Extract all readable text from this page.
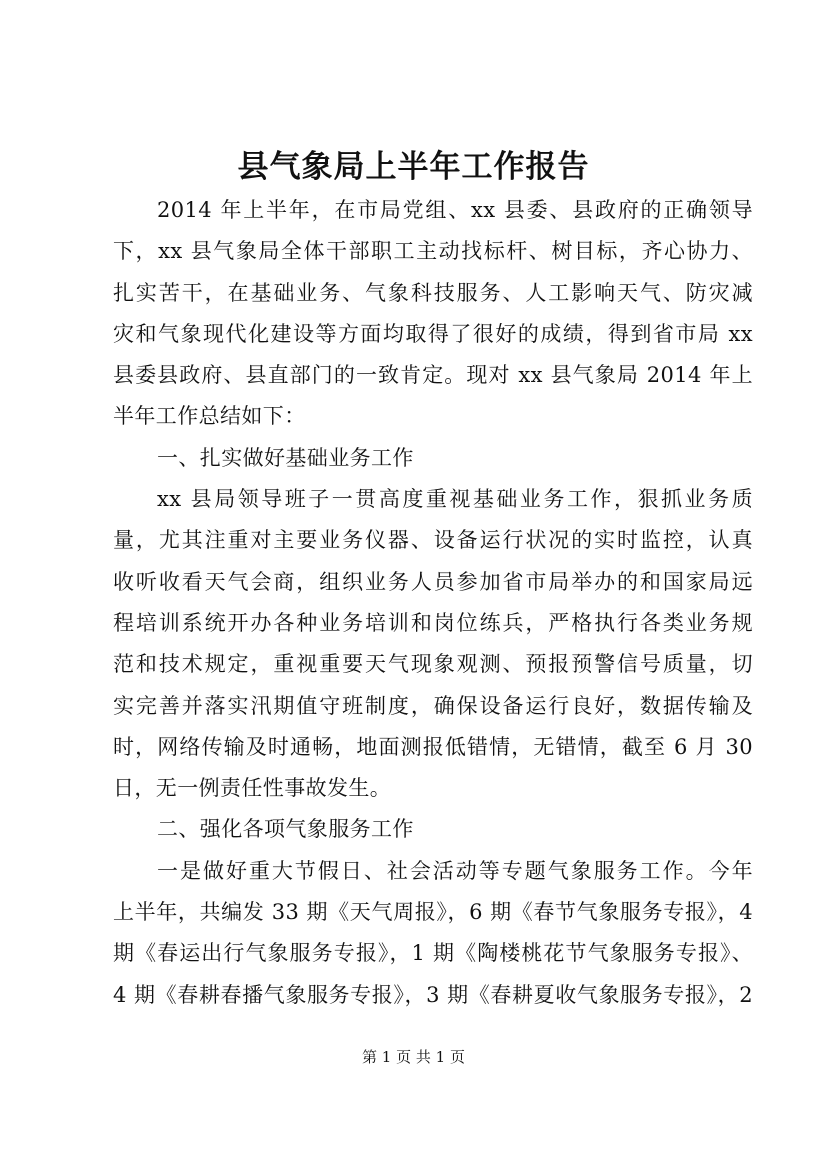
县气象局上半年工作报告
2014 年上半年，在市局党组、xx 县委、县政府的正确领导
下，xx 县气象局全体干部职工主动找标杆、树目标，齐心协力、
扎实苦干，在基础业务、气象科技服务、人工影响天气、防灾减
灾和气象现代化建设等方面均取得了很好的成绩，得到省市局 xx
县委县政府、县直部门的一致肯定。现对 xx 县气象局 2014 年上
半年工作总结如下：
一、扎实做好基础业务工作
xx 县局领导班子一贯高度重视基础业务工作，狠抓业务质
量，尤其注重对主要业务仪器、设备运行状况的实时监控，认真
收听收看天气会商，组织业务人员参加省市局举办的和国家局远
程培训系统开办各种业务培训和岗位练兵，严格执行各类业务规
范和技术规定，重视重要天气现象观测、预报预警信号质量，切
实完善并落实汛期值守班制度，确保设备运行良好，数据传输及
时，网络传输及时通畅，地面测报低错情，无错情，截至 6 月 30
日，无一例责任性事故发生。
二、强化各项气象服务工作
一是做好重大节假日、社会活动等专题气象服务工作。今年
上半年，共编发 33 期《天气周报》，6 期《春节气象服务专报》，4
期《春运出行气象服务专报》，1 期《陶楼桃花节气象服务专报》、
4 期《春耕春播气象服务专报》，3 期《春耕夏收气象服务专报》，2
第 1 页 共 1 页
